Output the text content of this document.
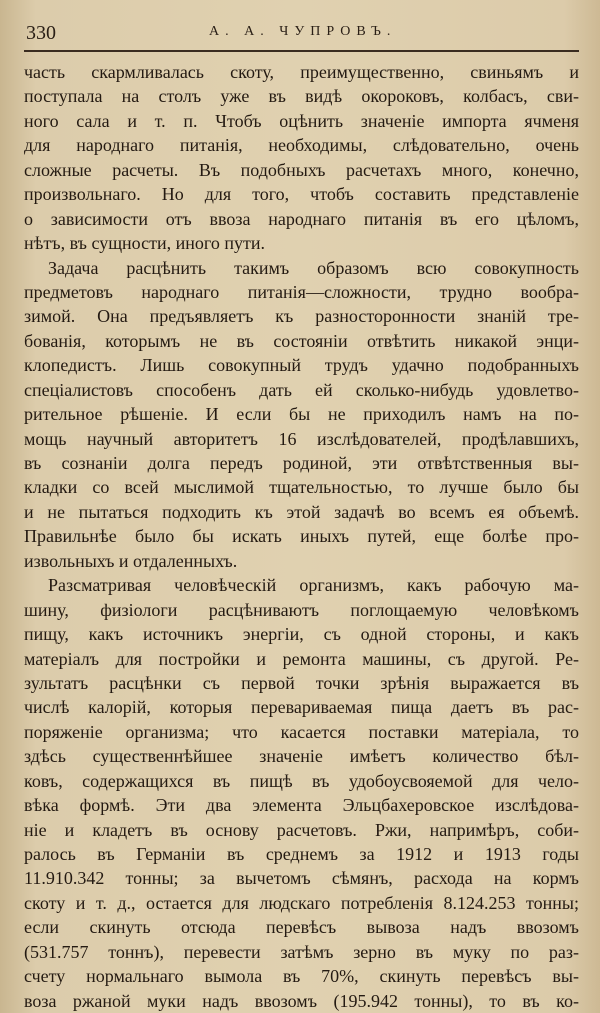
330	А. А. ЧУПРОВЪ.
часть скармливалась скоту, преимущественно, свиньямъ и
поступала на столъ уже въ видѣ окороковъ, колбасъ, сви-
ного сала и т. п. Чтобъ оцѣнить значеніе импорта ячменя
для народнаго питанія, необходимы, слѣдовательно, очень
сложные расчеты. Въ подобныхъ расчетахъ много, конечно,
произвольнаго. Но для того, чтобъ составить представленіе
о зависимости отъ ввоза народнаго питанія въ его цѣломъ,
нѣтъ, въ сущности, иного пути.
Задача расцѣнить такимъ образомъ всю совокупность
предметовъ народнаго питанія—сложности, трудно вообра-
зимой. Она предъявляетъ къ разносторонности знаній тре-
бованія, которымъ не въ состояніи отвѣтить никакой энци-
клопедистъ. Лишь совокупный трудъ удачно подобранныхъ
спеціалистовъ способенъ дать ей сколько-нибудь удовлетво-
рительное рѣшеніе. И если бы не приходилъ намъ на по-
мощь научный авторитетъ 16 изслѣдователей, продѣлавшихъ,
въ сознаніи долга передъ родиной, эти отвѣтственныя вы-
кладки со всей мыслимой тщательностью, то лучше было бы
и не пытаться подходить къ этой задачѣ во всемъ ея объемѣ.
Правильнѣе было бы искать иныхъ путей, еще болѣе про-
извольныхъ и отдаленныхъ.
Разсматривая человѣческій организмъ, какъ рабочую ма-
шину, физіологи расцѣниваютъ поглощаемую человѣкомъ
пищу, какъ источникъ энергіи, съ одной стороны, и какъ
матеріалъ для постройки и ремонта машины, съ другой. Ре-
зультатъ расцѣнки съ первой точки зрѣнія выражается въ
числѣ калорій, которыя перевариваемая пища даетъ въ рас-
поряженіе организма; что касается поставки матеріала, то
здѣсь существеннѣйшее значеніе имѣетъ количество бѣл-
ковъ, содержащихся въ пищѣ въ удобоусвояемой для чело-
вѣка формѣ. Эти два элемента Эльцбахеровское изслѣдова-
ніе и кладетъ въ основу расчетовъ. Ржи, напримѣръ, соби-
ралось въ Германіи въ среднемъ за 1912 и 1913 годы
11.910.342 тонны; за вычетомъ сѣмянъ, расхода на кормъ
скоту и т. д., остается для людскаго потребленія 8.124.253 тонны;
если скинуть отсюда перевѣсъ вывоза надъ ввозомъ
(531.757 тоннъ), перевести затѣмъ зерно въ муку по раз-
счету нормальнаго вымола въ 70%, скинуть перевѣсъ вы-
воза ржаной муки надъ ввозомъ (195.942 тонны), то въ ко-
